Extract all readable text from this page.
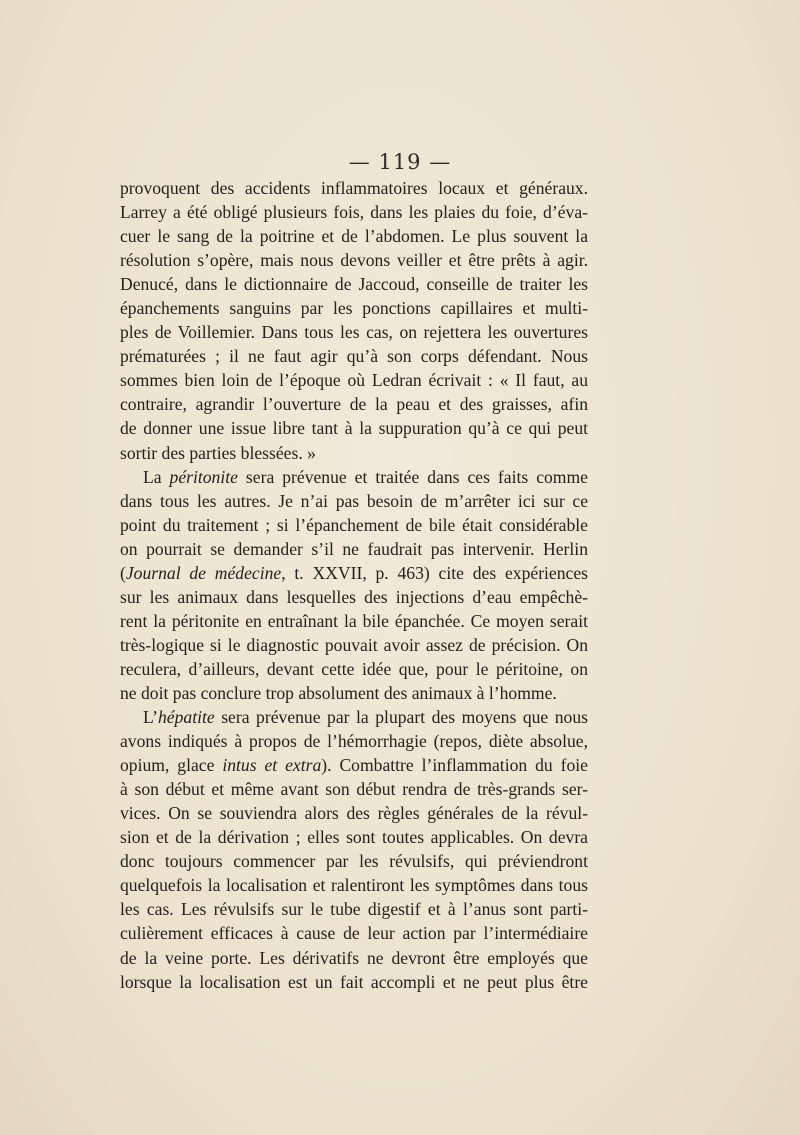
— 119 —
provoquent des accidents inflammatoires locaux et généraux.
Larrey a été obligé plusieurs fois, dans les plaies du foie, d’éva-
cuer le sang de la poitrine et de l’abdomen. Le plus souvent la
résolution s’opère, mais nous devons veiller et être prêts à agir.
Denucé, dans le dictionnaire de Jaccoud, conseille de traiter les
épanchements sanguins par les ponctions capillaires et multi-
ples de Voillemier. Dans tous les cas, on rejettera les ouvertures
prématurées ; il ne faut agir qu’à son corps défendant. Nous
sommes bien loin de l’époque où Ledran écrivait : « Il faut, au
contraire, agrandir l’ouverture de la peau et des graisses, afin
de donner une issue libre tant à la suppuration qu’à ce qui peut
sortir des parties blessées. »
La péritonite sera prévenue et traitée dans ces faits comme
dans tous les autres. Je n’ai pas besoin de m’arrêter ici sur ce
point du traitement ; si l’épanchement de bile était considérable
on pourrait se demander s’il ne faudrait pas intervenir. Herlin
(Journal de médecine, t. XXVII, p. 463) cite des expériences
sur les animaux dans lesquelles des injections d’eau empêchè-
rent la péritonite en entraînant la bile épanchée. Ce moyen serait
très-logique si le diagnostic pouvait avoir assez de précision. On
reculera, d’ailleurs, devant cette idée que, pour le péritoine, on
ne doit pas conclure trop absolument des animaux à l’homme.
L’hépatite sera prévenue par la plupart des moyens que nous
avons indiqués à propos de l’hémorrhagie (repos, diète absolue,
opium, glace intus et extra). Combattre l’inflammation du foie
à son début et même avant son début rendra de très-grands ser-
vices. On se souviendra alors des règles générales de la révul-
sion et de la dérivation ; elles sont toutes applicables. On devra
donc toujours commencer par les révulsifs, qui préviendront
quelquefois la localisation et ralentiront les symptômes dans tous
les cas. Les révulsifs sur le tube digestif et à l’anus sont parti-
culièrement efficaces à cause de leur action par l’intermédiaire
de la veine porte. Les dérivatifs ne devront être employés que
lorsque la localisation est un fait accompli et ne peut plus être
